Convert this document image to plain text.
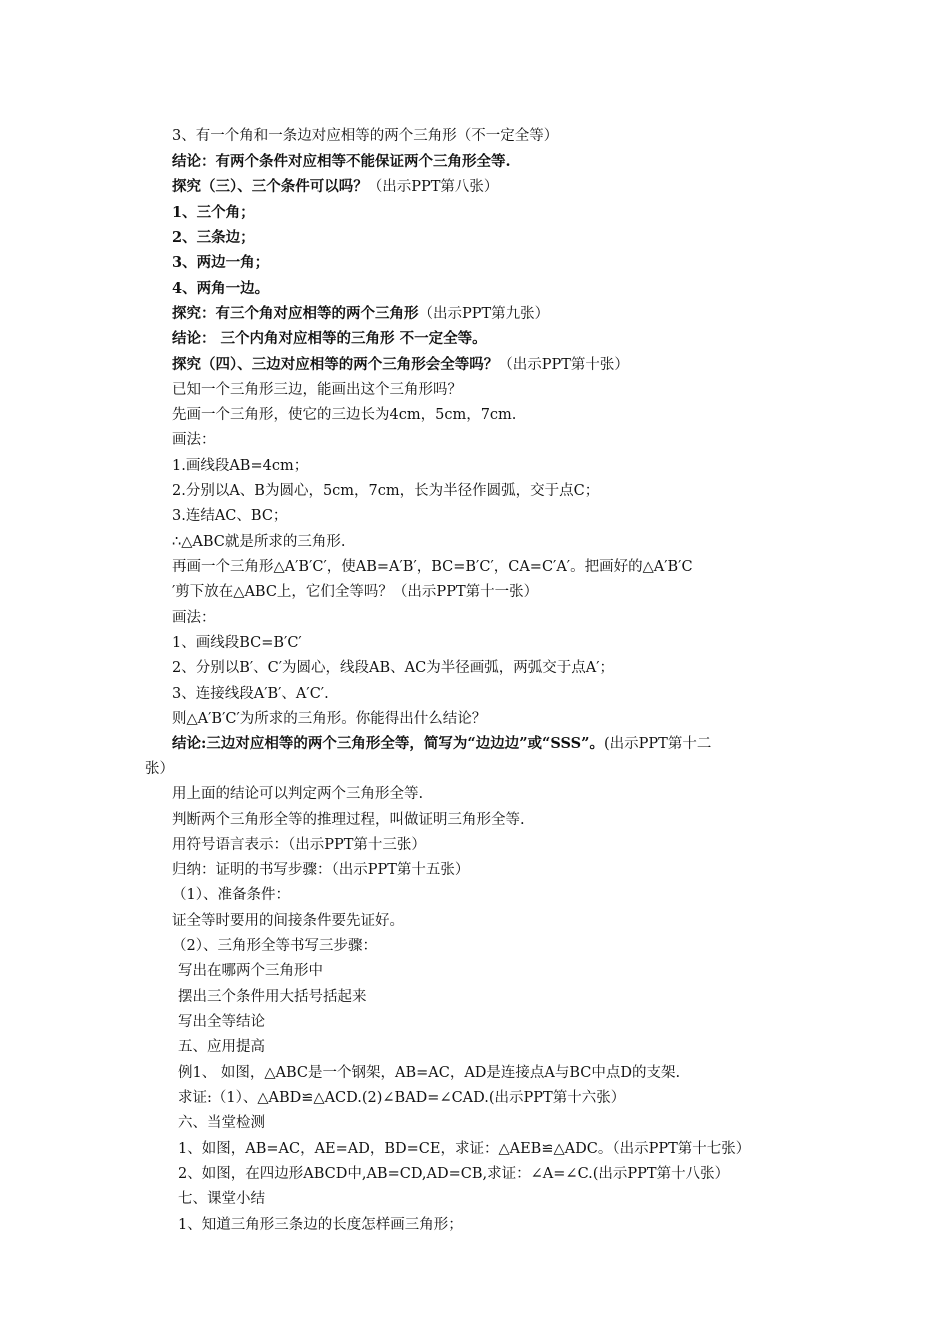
3、有一个角和一条边对应相等的两个三角形（不一定全等）
结论：有两个条件对应相等不能保证两个三角形全等.
探究（三）、三个条件可以吗？（出示PPT第八张）
1、三个角；
2、三条边；
3、两边一角；
4、两角一边。
探究：有三个角对应相等的两个三角形（出示PPT第九张）
结论： 三个内角对应相等的三角形 不一定全等。
探究（四）、三边对应相等的两个三角形会全等吗？（出示PPT第十张）
已知一个三角形三边，能画出这个三角形吗？
先画一个三角形，使它的三边长为4cm，5cm，7cm.
画法：
1.画线段AB=4cm；
2.分别以A、B为圆心，5cm，7cm，长为半径作圆弧，交于点C；
3.连结AC、BC；
∴△ABC就是所求的三角形.
再画一个三角形△A′B′C′，使AB=A′B′，BC=B′C′，CA=C′A′。把画好的△A′B′C
′剪下放在△ABC上，它们全等吗？（出示PPT第十一张）
画法：
1、画线段BC=B′C′
2、分别以B′、C′为圆心，线段AB、AC为半径画弧，两弧交于点A′；
3、连接线段A′B′、A′C′.
则△A′B′C′为所求的三角形。你能得出什么结论？
结论:三边对应相等的两个三角形全等，简写为“边边边”或“SSS”。(出示PPT第十二
张）
用上面的结论可以判定两个三角形全等.
判断两个三角形全等的推理过程，叫做证明三角形全等.
用符号语言表示：（出示PPT第十三张）
归纳：证明的书写步骤：（出示PPT第十五张）
（1）、准备条件：
证全等时要用的间接条件要先证好。
（2）、三角形全等书写三步骤：
写出在哪两个三角形中
摆出三个条件用大括号括起来
写出全等结论
五、应用提高
例1、 如图，△ABC是一个钢架，AB=AC，AD是连接点A与BC中点D的支架.
求证:（1）、△ABD≌△ACD.(2)∠BAD=∠CAD.(出示PPT第十六张）
六、当堂检测
1、如图，AB=AC，AE=AD，BD=CE，求证：△AEB≌△ADC。（出示PPT第十七张）
2、如图，在四边形ABCD中,AB=CD,AD=CB,求证：∠A=∠C.(出示PPT第十八张）
七、课堂小结
1、知道三角形三条边的长度怎样画三角形；
